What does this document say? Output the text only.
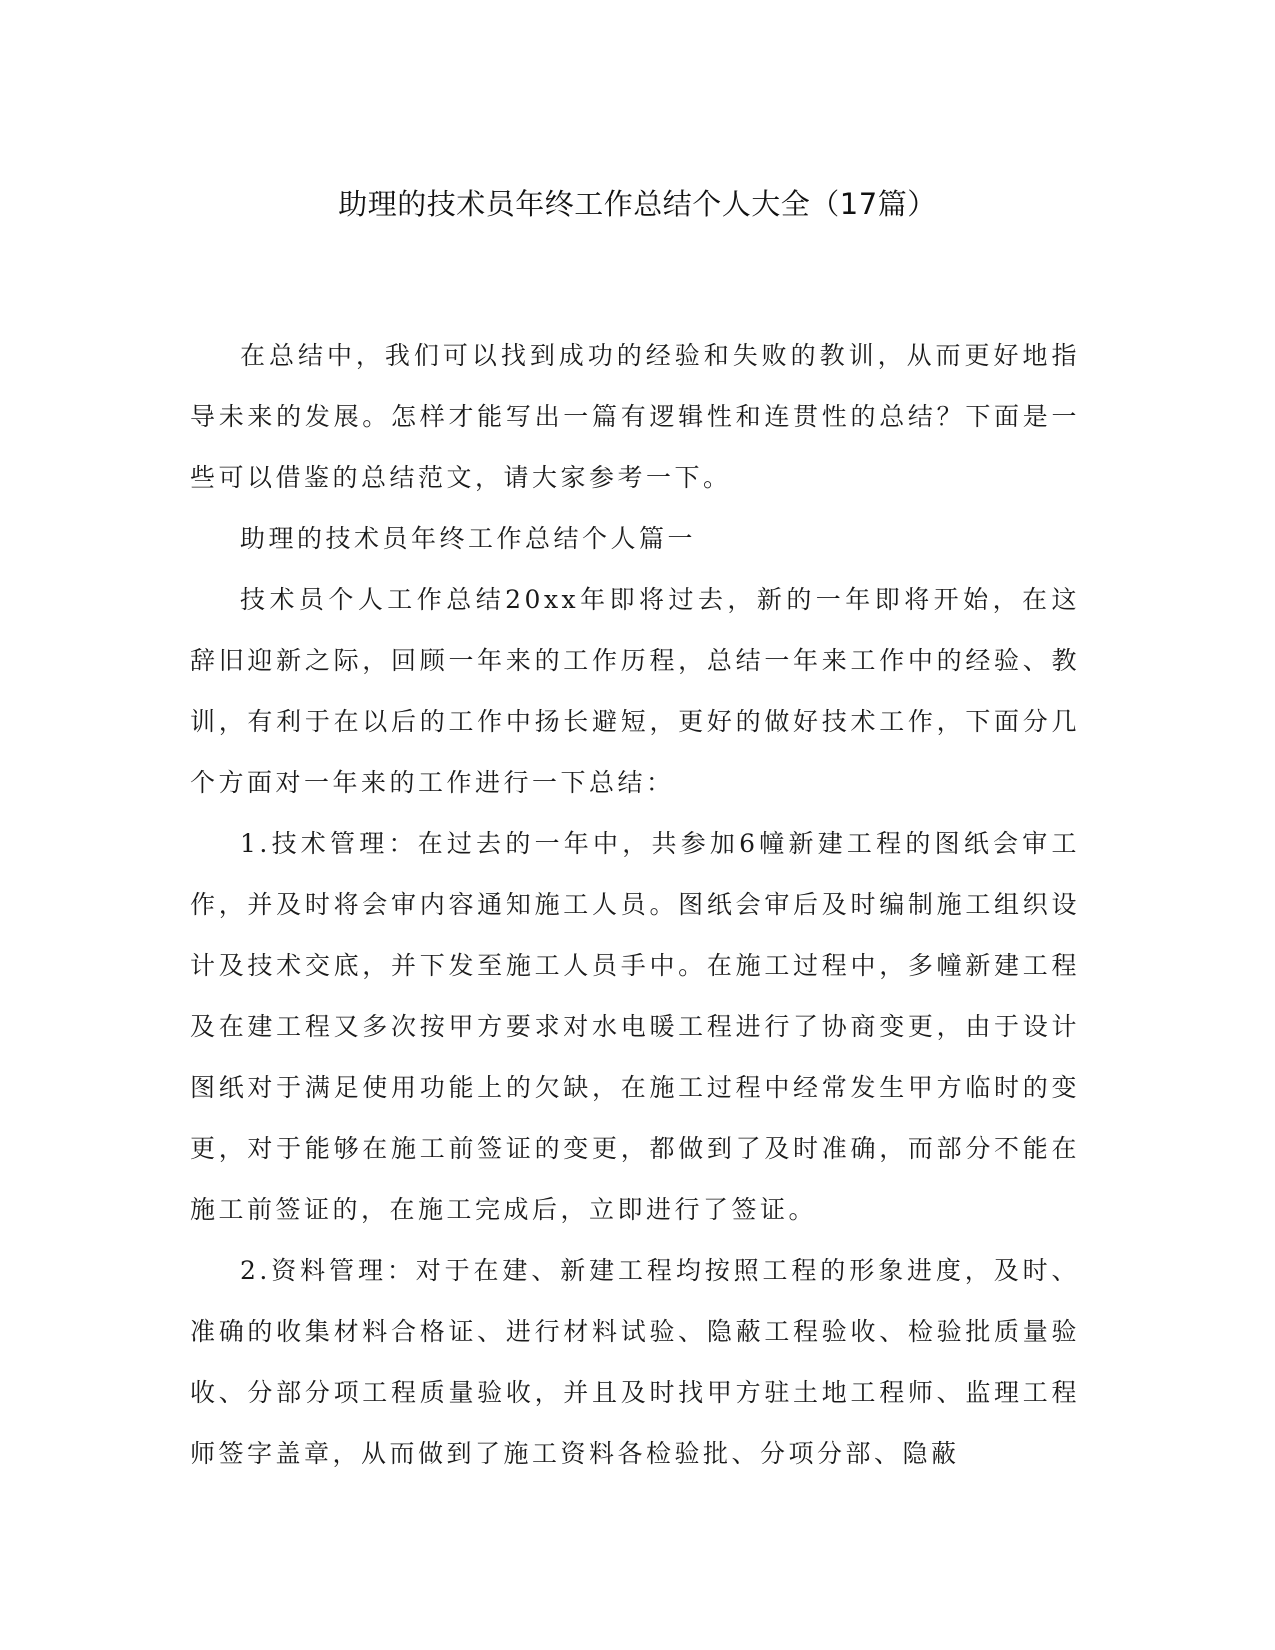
助理的技术员年终工作总结个人大全（17篇）

在总结中，我们可以找到成功的经验和失败的教训，从而更好地指导未来的发展。怎样才能写出一篇有逻辑性和连贯性的总结？下面是一些可以借鉴的总结范文，请大家参考一下。

助理的技术员年终工作总结个人篇一

技术员个人工作总结20xx年即将过去，新的一年即将开始，在这辞旧迎新之际，回顾一年来的工作历程，总结一年来工作中的经验、教训，有利于在以后的工作中扬长避短，更好的做好技术工作，下面分几个方面对一年来的工作进行一下总结：

1.技术管理：在过去的一年中，共参加6幢新建工程的图纸会审工作，并及时将会审内容通知施工人员。图纸会审后及时编制施工组织设计及技术交底，并下发至施工人员手中。在施工过程中，多幢新建工程及在建工程又多次按甲方要求对水电暖工程进行了协商变更，由于设计图纸对于满足使用功能上的欠缺，在施工过程中经常发生甲方临时的变更，对于能够在施工前签证的变更，都做到了及时准确，而部分不能在施工前签证的，在施工完成后，立即进行了签证。

2.资料管理：对于在建、新建工程均按照工程的形象进度，及时、准确的收集材料合格证、进行材料试验、隐蔽工程验收、检验批质量验收、分部分项工程质量验收，并且及时找甲方驻土地工程师、监理工程师签字盖章，从而做到了施工资料各检验批、分项分部、隐蔽
